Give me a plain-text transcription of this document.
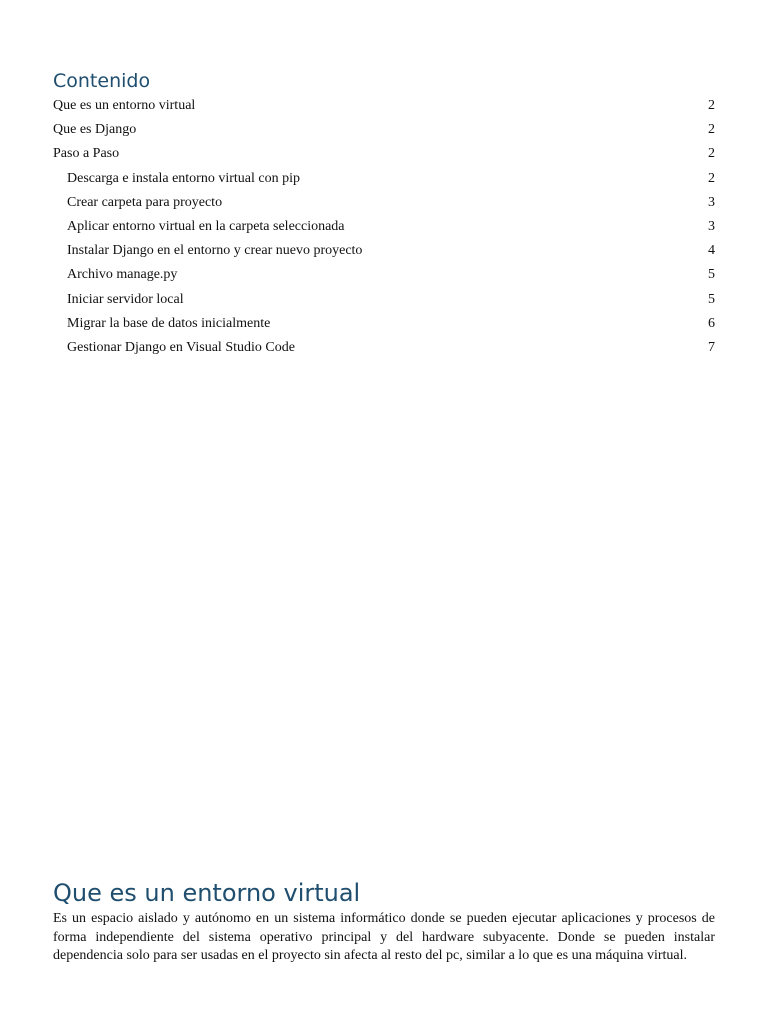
Contenido
Que es un entorno virtual	2
Que es Django	2
Paso a Paso	2
Descarga e instala entorno virtual con pip	2
Crear carpeta para proyecto	3
Aplicar entorno virtual en la carpeta seleccionada	3
Instalar Django en el entorno y crear nuevo proyecto	4
Archivo manage.py	5
Iniciar servidor local	5
Migrar la base de datos inicialmente	6
Gestionar Django en Visual Studio Code	7
Que es un entorno virtual

Es un espacio aislado y autónomo en un sistema informático donde se pueden ejecutar aplicaciones y procesos de forma independiente del sistema operativo principal y del hardware subyacente. Donde se pueden instalar dependencia solo para ser usadas en el proyecto sin afecta al resto del pc, similar a lo que es una máquina virtual.
